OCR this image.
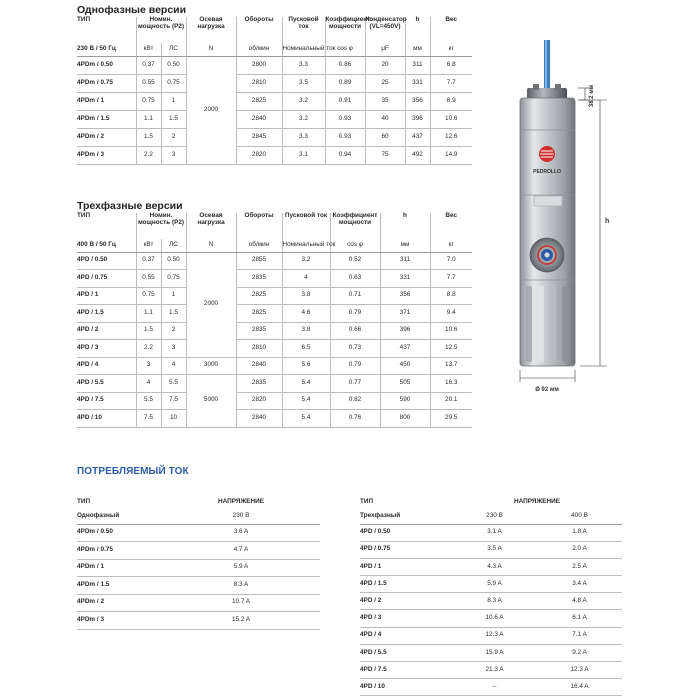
Однофазные версии
ТИП	Номин. мощность (P2)		Осевая нагрузка	Обороты	Пусковой ток	Коэффициент мощности	Конденсатор (VL=450V)	h	Вес
230 В / 50 Гц	кВт	ЛС	N	об/мин	Номинальный ток	cos φ	μF	мм	кг
4PDm / 0.50	0.37	0.50	2000	2800	3.3	0.86	20	311	6.8
4PDm / 0.75	0.55	0.75		2810	3.5	0.89	25	331	7.7
4PDm / 1	0.75	1		2825	3.2	0.91	35	356	8.9
4PDm / 1.5	1.1	1.5		2840	3.2	0.93	40	396	10.6
4PDm / 2	1.5	2		2845	3.3	0.93	60	437	12.6
4PDm / 3	2.2	3		2820	3.1	0.94	75	492	14.9
Трехфазные версии
ТИП	Номин. мощность (P2)		Осевая нагрузка	Обороты	Пусковой ток	Коэффициент мощности	h	Вес
400 В / 50 Гц	кВт	ЛС	N	об/мин	Номинальный ток	cos φ	мм	кг
4PD / 0.50	0.37	0.50	2000	2855	3.2	0.52	311	7.0
4PD / 0.75	0.55	0.75		2835	4	0.63	331	7.7
4PD / 1	0.75	1		2825	3.8	0.71	356	8.8
4PD / 1.5	1.1	1.5		2825	4.6	0.79	371	9.4
4PD / 2	1.5	2		2835	3.8	0.66	396	10.6
4PD / 3	2.2	3		2810	6.5	0.73	437	12.5
4PD / 4	3	4	3000	2840	5.6	0.79	450	13.7
4PD / 5.5	4	5.5	5000	2835	5.4	0.77	505	16.3
4PD / 7.5	5.5	7.5		2820	5.4	0.82	590	20.1
4PD / 10	7.5	10		2840	5.4	0.76	800	29.5
PEDROLLO
38.2 мм
h
Ø 92 мм
ПОТРЕБЛЯЕМЫЙ ТОК
ТИП	НАПРЯЖЕНИЕ
Однофазный	230 В
4PDm / 0.50	3.6 A
4PDm / 0.75	4.7 A
4PDm / 1	5.9 A
4PDm / 1.5	8.3 A
4PDm / 2	10.7 A
4PDm / 3	15.2 A
ТИП	НАПРЯЖЕНИЕ	
Трехфазный	230 В	400 В
4PD / 0.50	3.1 A	1.8 A
4PD / 0.75	3.5 A	2.0 A
4PD / 1	4.3 A	2.5 A
4PD / 1.5	5.9 A	3.4 A
4PD / 2	8.3 A	4.8 A
4PD / 3	10.6 A	6.1 A
4PD / 4	12.3 A	7.1 A
4PD / 5.5	15.9 A	9.2 A
4PD / 7.5	21.3 A	12.3 A
4PD / 10	–	16.4 A
